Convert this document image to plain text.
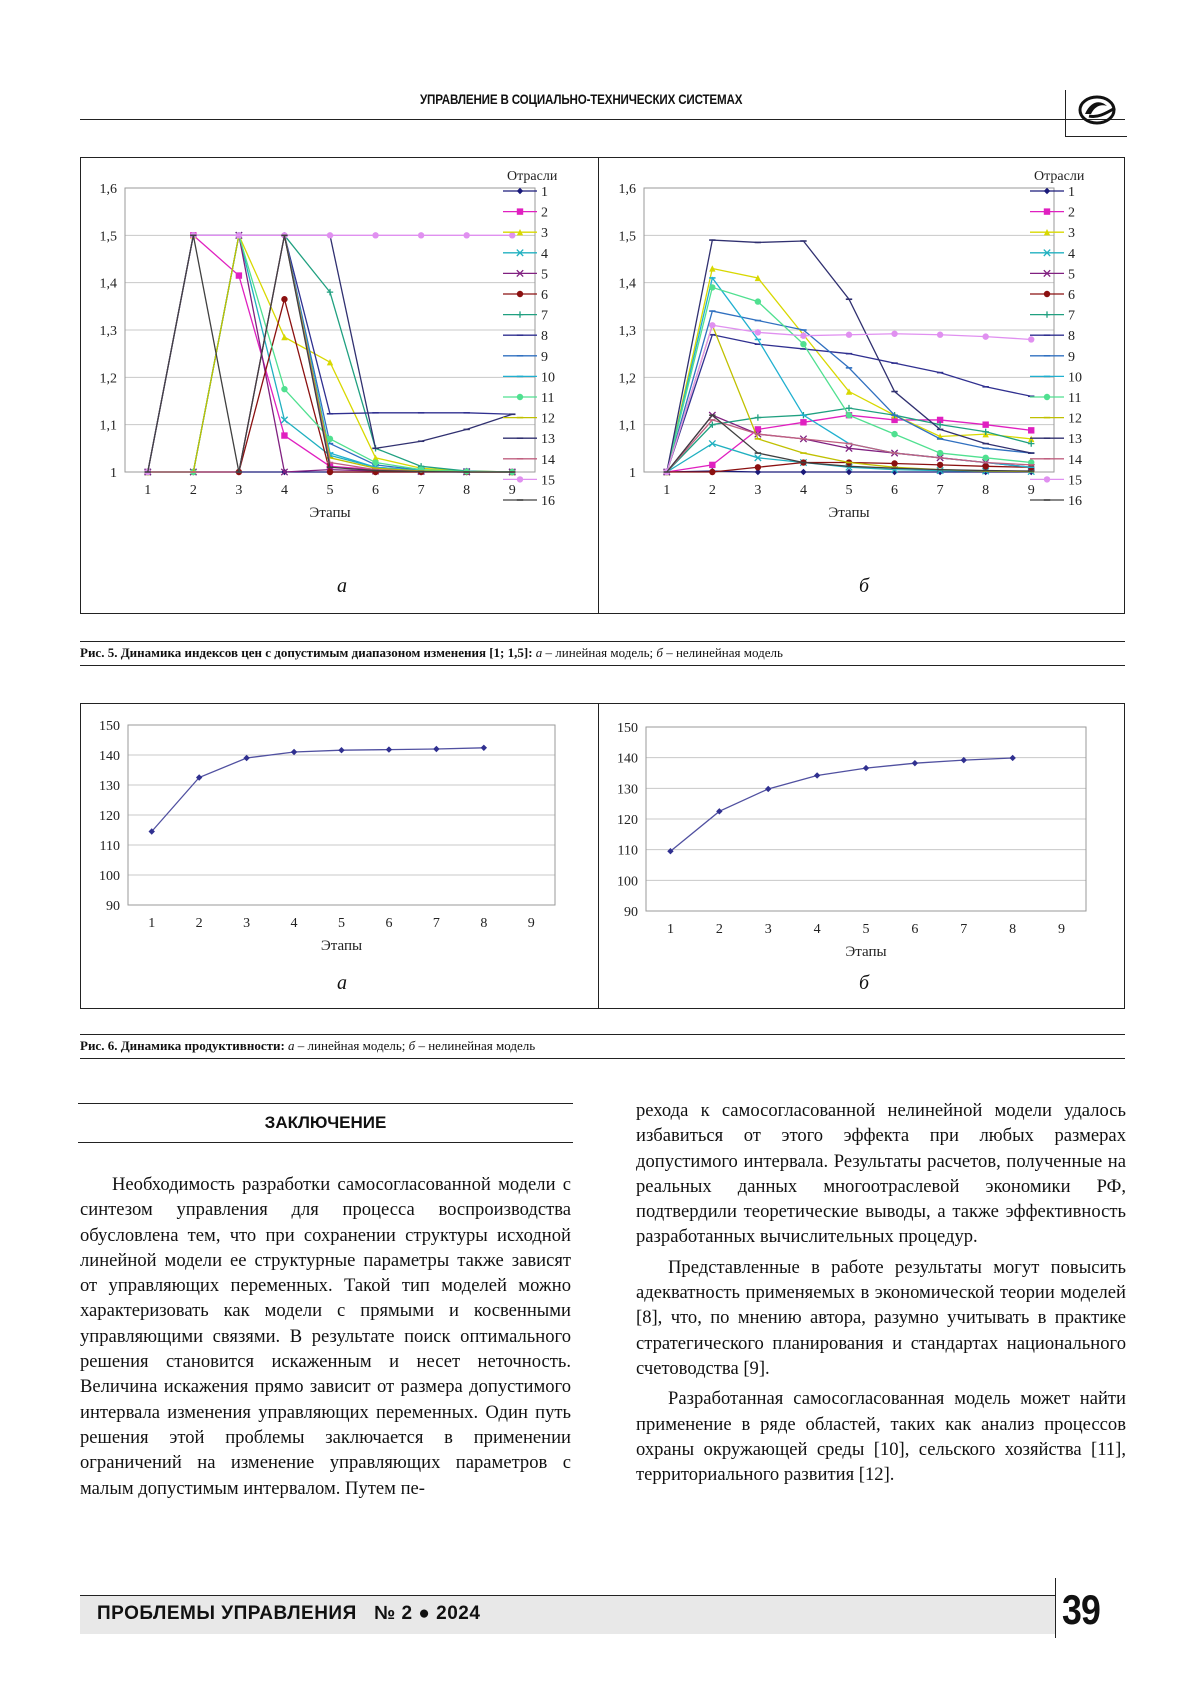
УПРАВЛЕНИЕ В СОЦИАЛЬНО-ТЕХНИЧЕСКИХ СИСТЕМАХ
1
1,1
1,2
1,3
1,4
1,5
1,6
1	2	3	4	5	6	7	8	9
Этапы
Отрасли
1
2
3
4
5
6
7
8
9
10
11
12
13
14
15
16
1
1,1
1,2
1,3
1,4
1,5
1,6
1	2	3	4	5	6	7	8	9
Этапы
Отрасли
1
2
3
4
5
6
7
8
9
10
11
12
13
14
15
16
а	б
Рис. 5. Динамика индексов цен с допустимым диапазоном изменения [1; 1,5]: а – линейная модель; б – нелинейная модель
90
100
110
120
130
140
150
1	2	3	4	5	6	7	8	9
Этапы
90
100
110
120
130
140
150
1	2	3	4	5	6	7	8	9
Этапы
а	б
Рис. 6. Динамика продуктивности: а – линейная модель; б – нелинейная модель
ЗАКЛЮЧЕНИЕ

Необходимость разработки самосогласованной модели с синтезом управления для процесса воспроизводства обусловлена тем, что при сохранении структуры исходной линейной модели ее структурные параметры также зависят от управляющих переменных. Такой тип моделей можно характеризовать как модели с прямыми и косвенными управляющими связями. В результате поиск оптимального решения становится искаженным и несет неточность. Величина искажения прямо зависит от размера допустимого интервала изменения управляющих переменных. Один путь решения этой проблемы заключается в применении ограничений на изменение управляющих параметров с малым допустимым интервалом. Путем пе-

рехода к самосогласованной нелинейной модели удалось избавиться от этого эффекта при любых размерах допустимого интервала. Результаты расчетов, полученные на реальных данных многоотраслевой экономики РФ, подтвердили теоретические выводы, а также эффективность разработанных вычислительных процедур.

Представленные в работе результаты могут повысить адекватность применяемых в экономической теории моделей [8], что, по мнению автора, разумно учитывать в практике стратегического планирования и стандартах национального счетоводства [9].

Разработанная самосогласованная модель может найти применение в ряде областей, таких как анализ процессов охраны окружающей среды [10], сельского хозяйства [11], территориального развития [12].

ПРОБЛЕМЫ УПРАВЛЕНИЯ № 2 ● 2024	39
